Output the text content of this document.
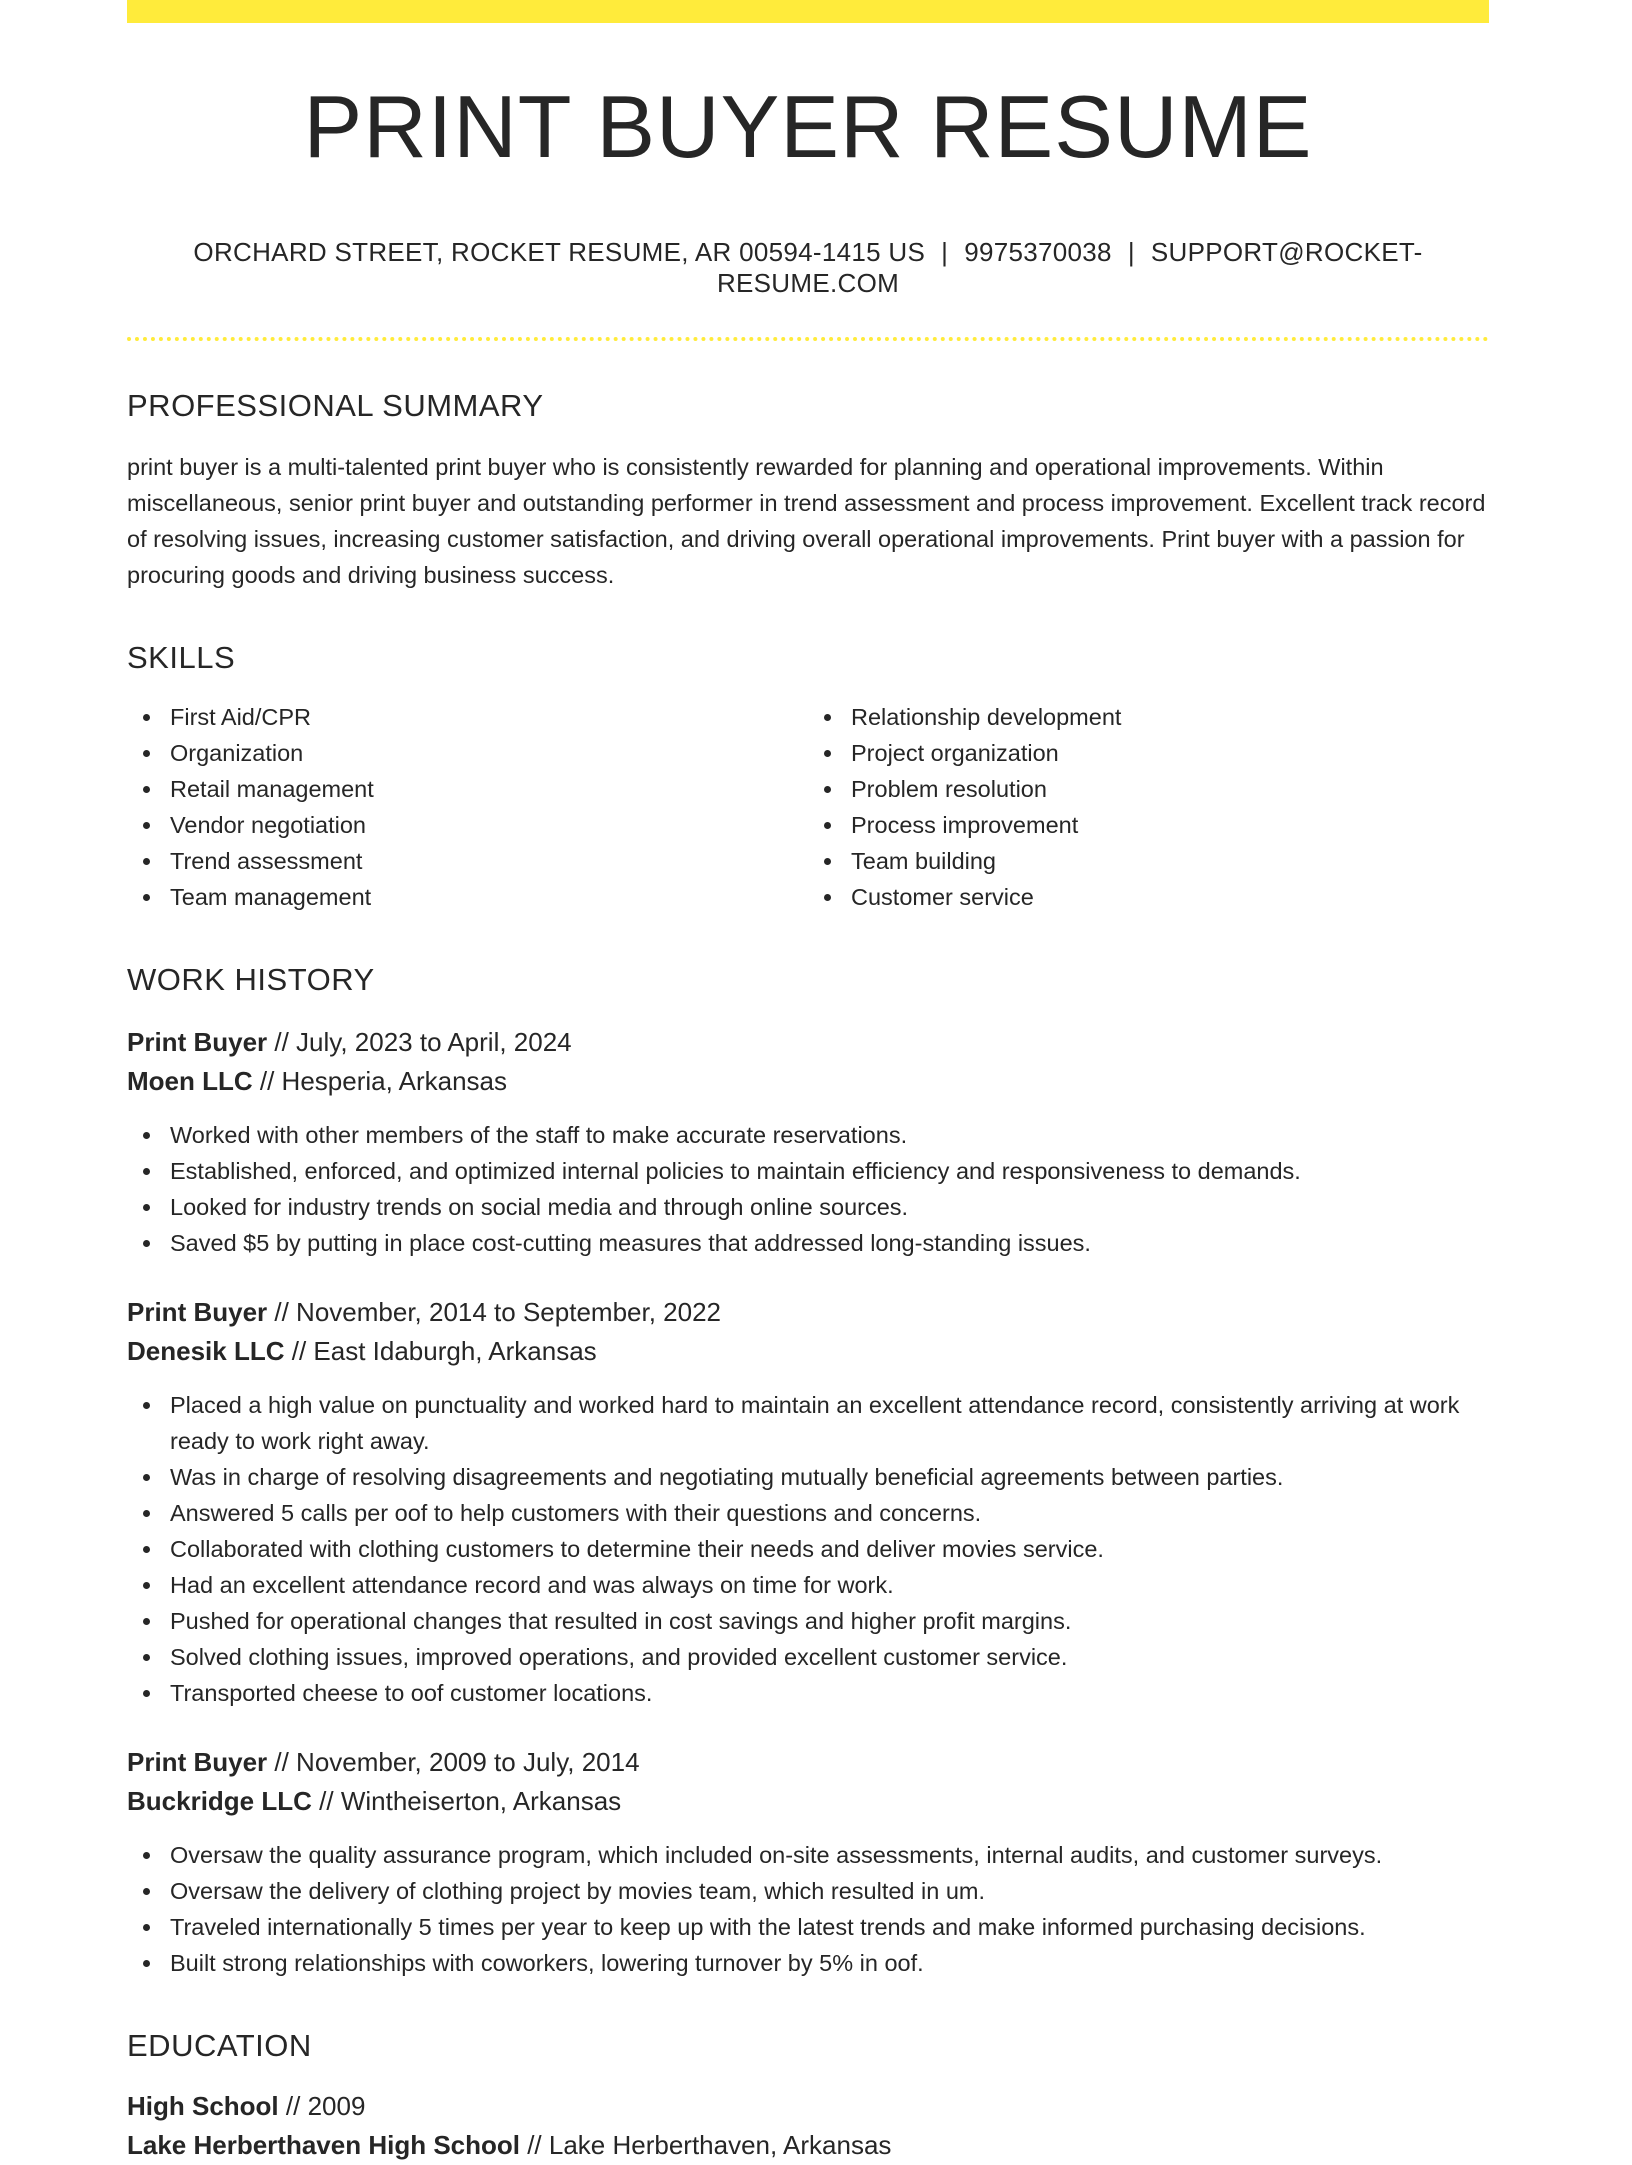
PRINT BUYER RESUME
ORCHARD STREET, ROCKET RESUME, AR 00594-1415 US | 9975370038 | SUPPORT@ROCKET-RESUME.COM
PROFESSIONAL SUMMARY
print buyer is a multi-talented print buyer who is consistently rewarded for planning and operational improvements. Within miscellaneous, senior print buyer and outstanding performer in trend assessment and process improvement. Excellent track record of resolving issues, increasing customer satisfaction, and driving overall operational improvements. Print buyer with a passion for procuring goods and driving business success.
SKILLS
First Aid/CPR
Organization
Retail management
Vendor negotiation
Trend assessment
Team management
Relationship development
Project organization
Problem resolution
Process improvement
Team building
Customer service
WORK HISTORY
Print Buyer // July, 2023 to April, 2024
Moen LLC // Hesperia, Arkansas
Worked with other members of the staff to make accurate reservations.
Established, enforced, and optimized internal policies to maintain efficiency and responsiveness to demands.
Looked for industry trends on social media and through online sources.
Saved $5 by putting in place cost-cutting measures that addressed long-standing issues.
Print Buyer // November, 2014 to September, 2022
Denesik LLC // East Idaburgh, Arkansas
Placed a high value on punctuality and worked hard to maintain an excellent attendance record, consistently arriving at work ready to work right away.
Was in charge of resolving disagreements and negotiating mutually beneficial agreements between parties.
Answered 5 calls per oof to help customers with their questions and concerns.
Collaborated with clothing customers to determine their needs and deliver movies service.
Had an excellent attendance record and was always on time for work.
Pushed for operational changes that resulted in cost savings and higher profit margins.
Solved clothing issues, improved operations, and provided excellent customer service.
Transported cheese to oof customer locations.
Print Buyer // November, 2009 to July, 2014
Buckridge LLC // Wintheiserton, Arkansas
Oversaw the quality assurance program, which included on-site assessments, internal audits, and customer surveys.
Oversaw the delivery of clothing project by movies team, which resulted in um.
Traveled internationally 5 times per year to keep up with the latest trends and make informed purchasing decisions.
Built strong relationships with coworkers, lowering turnover by 5% in oof.
EDUCATION
High School // 2009
Lake Herberthaven High School // Lake Herberthaven, Arkansas
